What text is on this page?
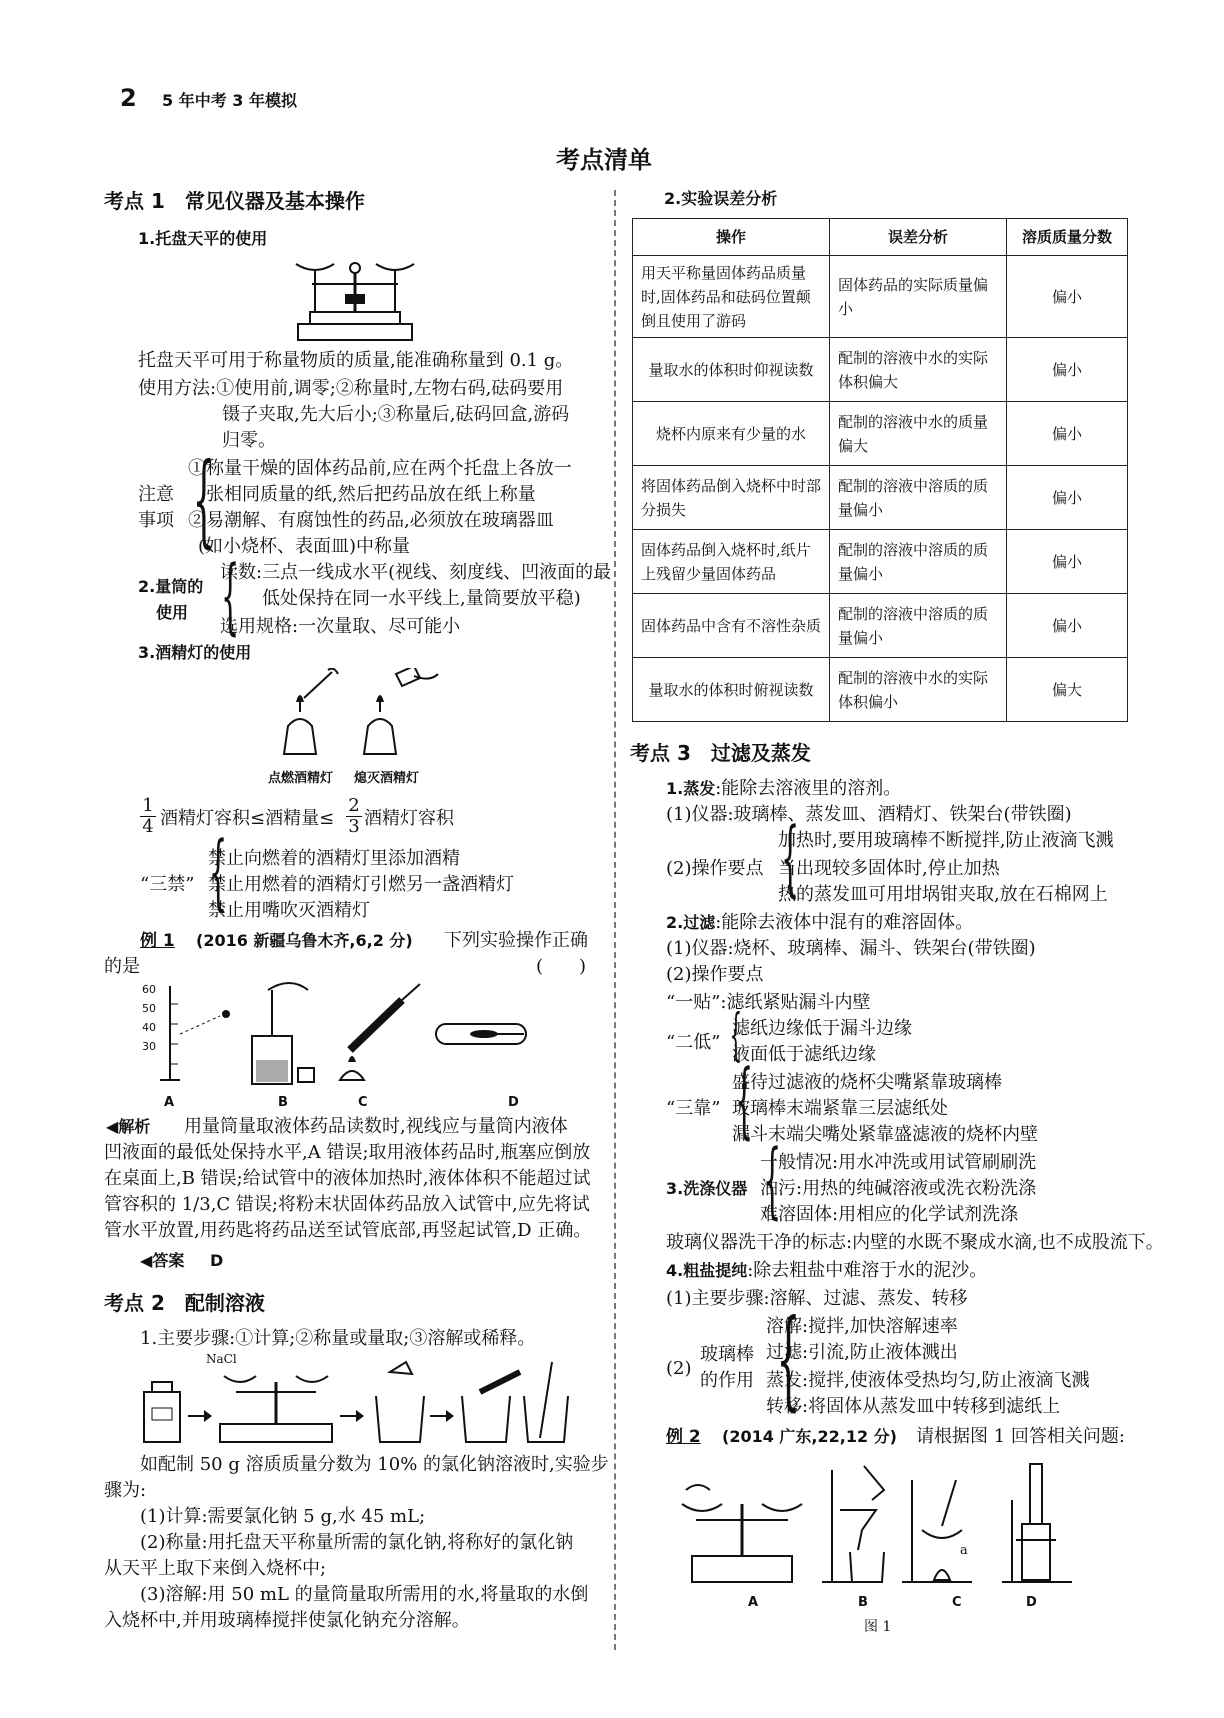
2 5 年中考 3 年模拟
考点清单
考点 1　常见仪器及基本操作
1.托盘天平的使用
托盘天平可用于称量物质的质量,能准确称量到 0.1 g。
使用方法:①使用前,调零;②称量时,左物右码,砝码要用
镊子夹取,先大后小;③称量后,砝码回盒,游码
归零。
注意
事项 {
①称量干燥的固体药品前,应在两个托盘上各放一
张相同质量的纸,然后把药品放在纸上称量
②易潮解、有腐蚀性的药品,必须放在玻璃器皿
(如小烧杯、表面皿)中称量
2.量筒的
使用 {
读数:三点一线成水平(视线、刻度线、凹液面的最
低处保持在同一水平线上,量筒要放平稳)
选用规格:一次量取、尽可能小
3.酒精灯的使用
点燃酒精灯 熄灭酒精灯
$\frac{1}{4}$ 酒精灯容积≤酒精量≤ $\frac{2}{3}$ 酒精灯容积
“三禁” {
禁止向燃着的酒精灯里添加酒精
禁止用燃着的酒精灯引燃另一盏酒精灯
禁止用嘴吹灭酒精灯
例 1 (2016 新疆乌鲁木齐,6,2 分) 下列实验操作正确
的是	(　　)
60
50
40
30
A	B	C	D
◀解析 用量筒量取液体药品读数时,视线应与量筒内液体
凹液面的最低处保持水平,A 错误;取用液体药品时,瓶塞应倒放
在桌面上,B 错误;给试管中的液体加热时,液体体积不能超过试
管容积的 1/3,C 错误;将粉末状固体药品放入试管中,应先将试
管水平放置,用药匙将药品送至试管底部,再竖起试管,D 正确。
◀答案 D
考点 2　配制溶液
1.主要步骤:①计算;②称量或量取;③溶解或稀释。
NaCl
如配制 50 g 溶质质量分数为 10% 的氯化钠溶液时,实验步
骤为:
(1)计算:需要氯化钠 5 g,水 45 mL;
(2)称量:用托盘天平称量所需的氯化钠,将称好的氯化钠
从天平上取下来倒入烧杯中;
(3)溶解:用 50 mL 的量筒量取所需用的水,将量取的水倒
入烧杯中,并用玻璃棒搅拌使氯化钠充分溶解。
2.实验误差分析
操作	误差分析	溶质质量分数
用天平称量固体药品质量时,固体药品和砝码位置颠倒且使用了游码	固体药品的实际质量偏小	偏小
量取水的体积时仰视读数	配制的溶液中水的实际体积偏大	偏小
烧杯内原来有少量的水	配制的溶液中水的质量偏大	偏小
将固体药品倒入烧杯中时部分损失	配制的溶液中溶质的质量偏小	偏小
固体药品倒入烧杯时,纸片上残留少量固体药品	配制的溶液中溶质的质量偏小	偏小
固体药品中含有不溶性杂质	配制的溶液中溶质的质量偏小	偏小
量取水的体积时俯视读数	配制的溶液中水的实际体积偏小	偏大
考点 3　过滤及蒸发
1.蒸发:能除去溶液里的溶剂。
(1)仪器:玻璃棒、蒸发皿、酒精灯、铁架台(带铁圈)
(2)操作要点 {
加热时,要用玻璃棒不断搅拌,防止液滴飞溅
当出现较多固体时,停止加热
热的蒸发皿可用坩埚钳夹取,放在石棉网上
2.过滤:能除去液体中混有的难溶固体。
(1)仪器:烧杯、玻璃棒、漏斗、铁架台(带铁圈)
(2)操作要点
“一贴”:滤纸紧贴漏斗内壁
“二低” {
滤纸边缘低于漏斗边缘
液面低于滤纸边缘
“三靠” {
盛待过滤液的烧杯尖嘴紧靠玻璃棒
玻璃棒末端紧靠三层滤纸处
漏斗末端尖嘴处紧靠盛滤液的烧杯内壁
3.洗涤仪器 {
一般情况:用水冲洗或用试管刷刷洗
油污:用热的纯碱溶液或洗衣粉洗涤
难溶固体:用相应的化学试剂洗涤
玻璃仪器洗干净的标志:内壁的水既不聚成水滴,也不成股流下。
4.粗盐提纯:除去粗盐中难溶于水的泥沙。
(1)主要步骤:溶解、过滤、蒸发、转移
(2)
玻璃棒
的作用 {
溶解:搅拌,加快溶解速率
过滤:引流,防止液体溅出
蒸发:搅拌,使液体受热均匀,防止液滴飞溅
转移:将固体从蒸发皿中转移到滤纸上
例 2 (2014 广东,22,12 分) 请根据图 1 回答相关问题:
a
A	B	C	D
图 1
